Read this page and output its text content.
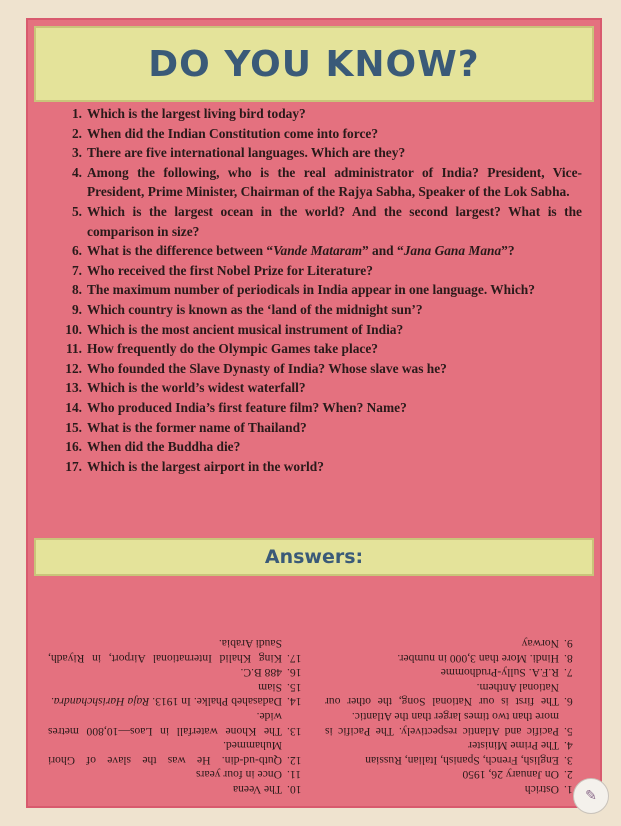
DO YOU KNOW?
1. Which is the largest living bird today?
2. When did the Indian Constitution come into force?
3. There are five international languages. Which are they?
4. Among the following, who is the real administrator of India? President, Vice-President, Prime Minister, Chairman of the Rajya Sabha, Speaker of the Lok Sabha.
5. Which is the largest ocean in the world? And the second largest? What is the comparison in size?
6. What is the difference between “Vande Mataram” and “Jana Gana Mana”?
7. Who received the first Nobel Prize for Literature?
8. The maximum number of periodicals in India appear in one language. Which?
9. Which country is known as the ‘land of the midnight sun’?
10. Which is the most ancient musical instrument of India?
11. How frequently do the Olympic Games take place?
12. Who founded the Slave Dynasty of India? Whose slave was he?
13. Which is the world’s widest waterfall?
14. Who produced India’s first feature film? When? Name?
15. What is the former name of Thailand?
16. When did the Buddha die?
17. Which is the largest airport in the world?
Answers:
1.
Ostrich
2.
On January 26, 1950
3.
English, French, Spanish, Italian, Russian
4.
The Prime Minister
5.
Pacific and Atlantic respectively. The Pacific is more than two times larger than the Atlantic.
6.
The first is our National Song, the other our National Anthem.
7.
R.F.A. Sully-Prudhomme
8.
Hindi. More than 3,000 in number.
9.
Norway
10.
The Veena
11.
Once in four years
12.
Qutb-ud-din. He was the slave of Ghori Muhammed.
13.
The Khone waterfall in Laos—10,800 metres wide.
14.
Dadasaheb Phalke. In 1913. Raja Harishchandra.
15.
Siam
16.
488 B.C.
17.
King Khalid International Airport, in Riyadh, Saudi Arabia.
✎
